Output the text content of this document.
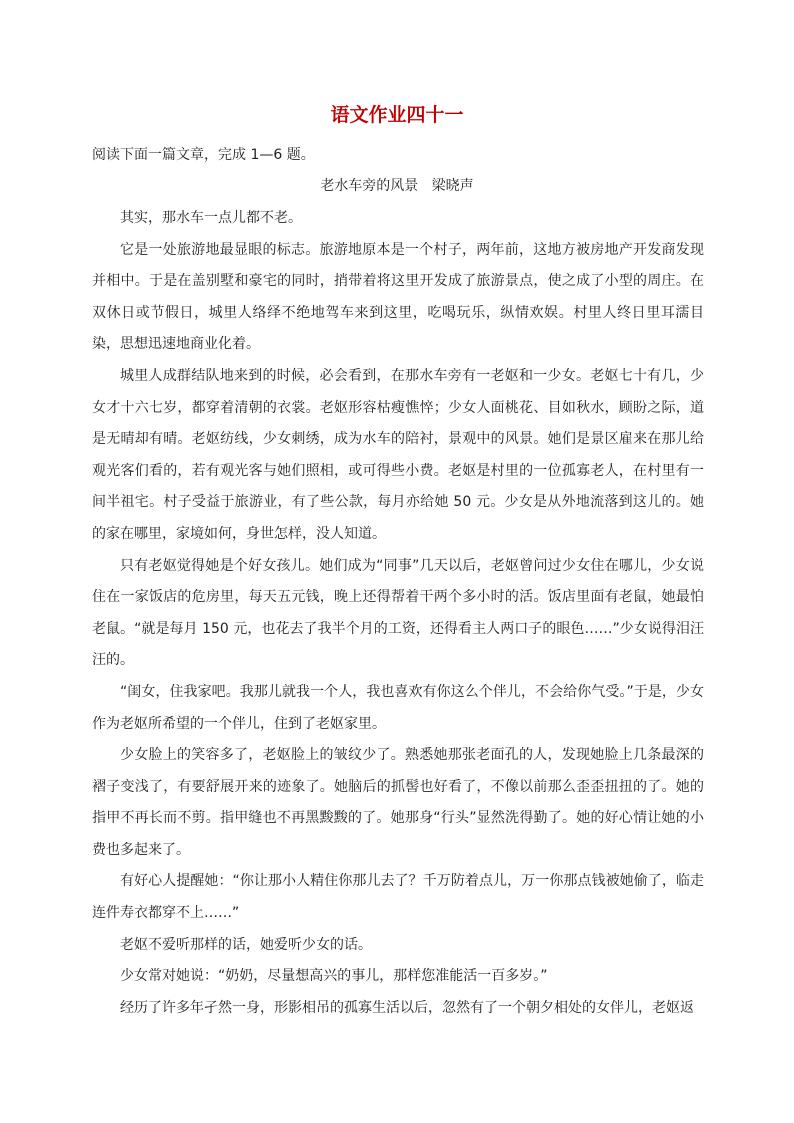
语文作业四十一

阅读下面一篇文章，完成 1—6 题。

老水车旁的风景 梁晓声

其实，那水车一点儿都不老。

它是一处旅游地最显眼的标志。旅游地原本是一个村子，两年前，这地方被房地产开发商发现并相中。于是在盖别墅和豪宅的同时，捎带着将这里开发成了旅游景点，使之成了小型的周庄。在双休日或节假日，城里人络绎不绝地驾车来到这里，吃喝玩乐，纵情欢娱。村里人终日里耳濡目染，思想迅速地商业化着。

城里人成群结队地来到的时候，必会看到，在那水车旁有一老妪和一少女。老妪七十有几，少女才十六七岁，都穿着清朝的衣裳。老妪形容枯瘦憔悴；少女人面桃花、目如秋水，顾盼之际，道是无晴却有晴。老妪纺线，少女刺绣，成为水车的陪衬，景观中的风景。她们是景区雇来在那儿给观光客们看的，若有观光客与她们照相，或可得些小费。老妪是村里的一位孤寡老人，在村里有一间半祖宅。村子受益于旅游业，有了些公款，每月亦给她 50 元。少女是从外地流落到这儿的。她的家在哪里，家境如何，身世怎样，没人知道。

只有老妪觉得她是个好女孩儿。她们成为“同事”几天以后，老妪曾问过少女住在哪儿，少女说住在一家饭店的危房里，每天五元钱，晚上还得帮着干两个多小时的活。饭店里面有老鼠，她最怕老鼠。“就是每月 150 元，也花去了我半个月的工资，还得看主人两口子的眼色……”少女说得泪汪汪的。

“闺女，住我家吧。我那儿就我一个人，我也喜欢有你这么个伴儿，不会给你气受。”于是，少女作为老妪所希望的一个伴儿，住到了老妪家里。

少女脸上的笑容多了，老妪脸上的皱纹少了。熟悉她那张老面孔的人，发现她脸上几条最深的褶子变浅了，有要舒展开来的迹象了。她脑后的抓髻也好看了，不像以前那么歪歪扭扭的了。她的指甲不再长而不剪。指甲缝也不再黑黢黢的了。她那身“行头”显然洗得勤了。她的好心情让她的小费也多起来了。

有好心人提醒她：“你让那小人精住你那儿去了？千万防着点儿，万一你那点钱被她偷了，临走连件寿衣都穿不上……”

老妪不爱听那样的话，她爱听少女的话。

少女常对她说：“奶奶，尽量想高兴的事儿，那样您准能活一百多岁。”

经历了许多年孑然一身，形影相吊的孤寡生活以后，忽然有了一个朝夕相处的女伴儿，老妪返
